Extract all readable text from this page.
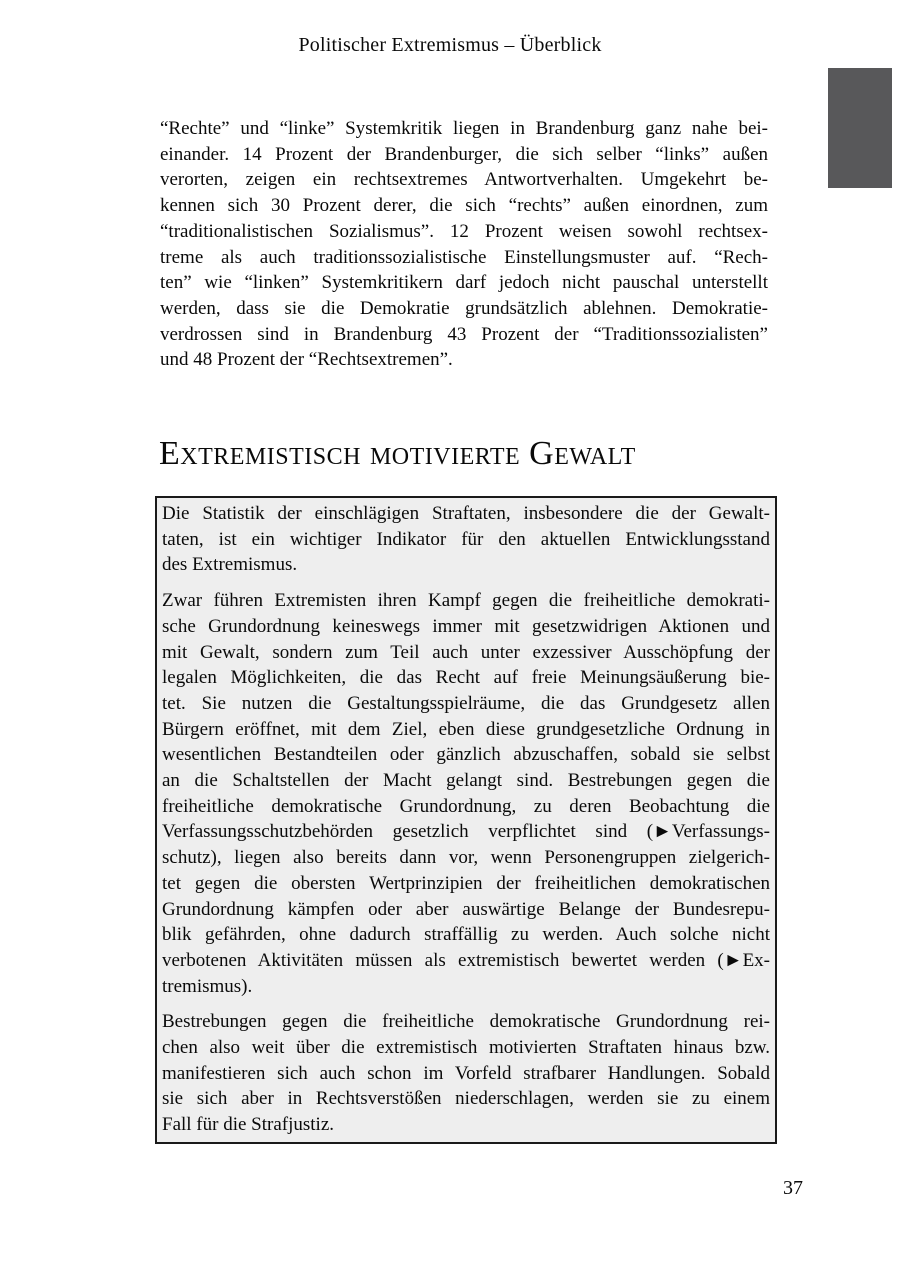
Politischer Extremismus – Überblick
“Rechte” und “linke” Systemkritik liegen in Brandenburg ganz nahe bei-
einander. 14 Prozent der Brandenburger, die sich selber “links” außen
verorten, zeigen ein rechtsextremes Antwortverhalten. Umgekehrt be-
kennen sich 30 Prozent derer, die sich “rechts” außen einordnen, zum
“traditionalistischen Sozialismus”. 12 Prozent weisen sowohl rechtsex-
treme als auch traditionssozialistische Einstellungsmuster auf. “Rech-
ten” wie “linken” Systemkritikern darf jedoch nicht pauschal unterstellt
werden, dass sie die Demokratie grundsätzlich ablehnen. Demokratie-
verdrossen sind in Brandenburg 43 Prozent der “Traditionssozialisten”
und 48 Prozent der “Rechtsextremen”.
Extremistisch motivierte Gewalt
Die Statistik der einschlägigen Straftaten, insbesondere die der Gewalt-
taten, ist ein wichtiger Indikator für den aktuellen Entwicklungsstand
des Extremismus.
Zwar führen Extremisten ihren Kampf gegen die freiheitliche demokrati-
sche Grundordnung keineswegs immer mit gesetzwidrigen Aktionen und
mit Gewalt, sondern zum Teil auch unter exzessiver Ausschöpfung der
legalen Möglichkeiten, die das Recht auf freie Meinungsäußerung bie-
tet. Sie nutzen die Gestaltungsspielräume, die das Grundgesetz allen
Bürgern eröffnet, mit dem Ziel, eben diese grundgesetzliche Ordnung in
wesentlichen Bestandteilen oder gänzlich abzuschaffen, sobald sie selbst
an die Schaltstellen der Macht gelangt sind. Bestrebungen gegen die
freiheitliche demokratische Grundordnung, zu deren Beobachtung die
Verfassungsschutzbehörden gesetzlich verpflichtet sind (►Verfassungs-
schutz), liegen also bereits dann vor, wenn Personengruppen zielgerich-
tet gegen die obersten Wertprinzipien der freiheitlichen demokratischen
Grundordnung kämpfen oder aber auswärtige Belange der Bundesrepu-
blik gefährden, ohne dadurch straffällig zu werden. Auch solche nicht
verbotenen Aktivitäten müssen als extremistisch bewertet werden (►Ex-
tremismus).
Bestrebungen gegen die freiheitliche demokratische Grundordnung rei-
chen also weit über die extremistisch motivierten Straftaten hinaus bzw.
manifestieren sich auch schon im Vorfeld strafbarer Handlungen. Sobald
sie sich aber in Rechtsverstößen niederschlagen, werden sie zu einem
Fall für die Strafjustiz.
37
